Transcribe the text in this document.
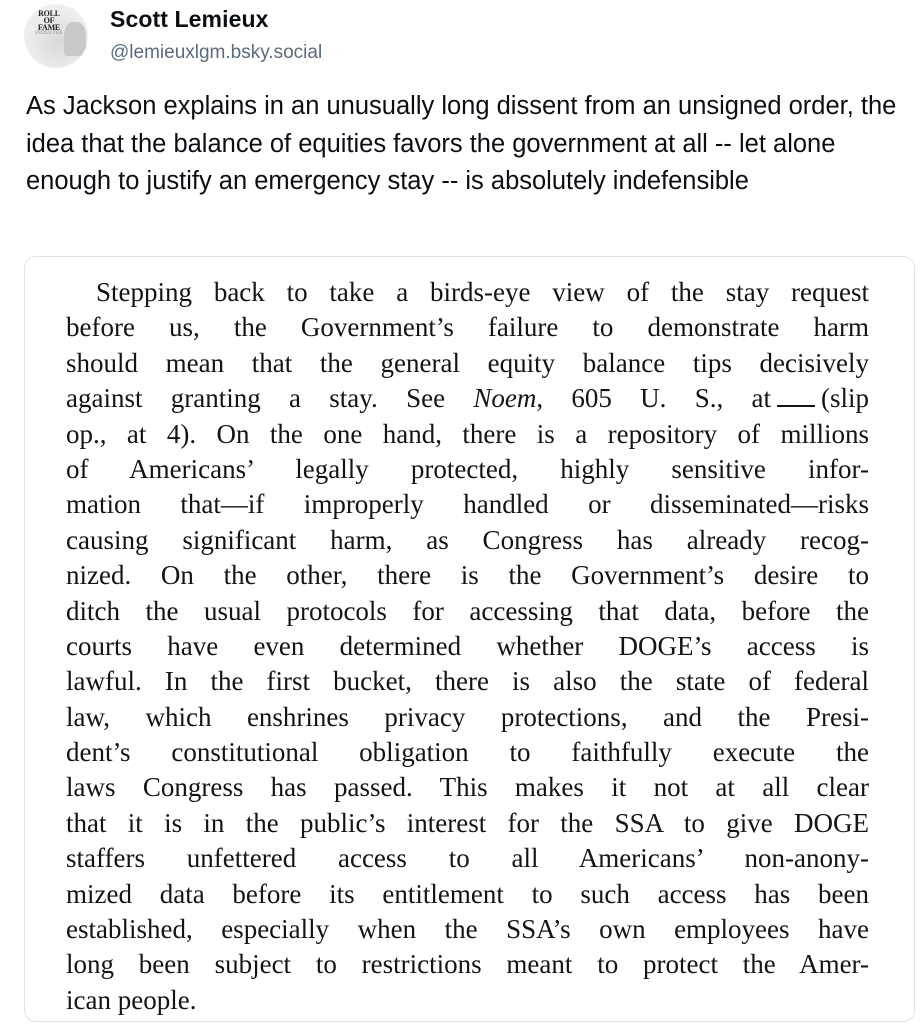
ROLL
OF FAME
INDUCTEE
Scott Lemieux
@lemieuxlgm.bsky.social

As Jackson explains in an unusually long dissent from an unsigned order, the idea that the balance of equities favors the government at all -- let alone enough to justify an emergency stay -- is absolutely indefensible

Stepping back to take a birds-eye view of the stay request
before us, the Government’s failure to demonstrate harm
should mean that the general equity balance tips decisively
against granting a stay. See Noem, 605 U. S., at (slip
op., at 4). On the one hand, there is a repository of millions
of Americans’ legally protected, highly sensitive infor-
mation that—if improperly handled or disseminated—risks
causing significant harm, as Congress has already recog-
nized. On the other, there is the Government’s desire to
ditch the usual protocols for accessing that data, before the
courts have even determined whether DOGE’s access is
lawful. In the first bucket, there is also the state of federal
law, which enshrines privacy protections, and the Presi-
dent’s constitutional obligation to faithfully execute the
laws Congress has passed. This makes it not at all clear
that it is in the public’s interest for the SSA to give DOGE
staffers unfettered access to all Americans’ non-anony-
mized data before its entitlement to such access has been
established, especially when the SSA’s own employees have
long been subject to restrictions meant to protect the Amer-
ican people.
